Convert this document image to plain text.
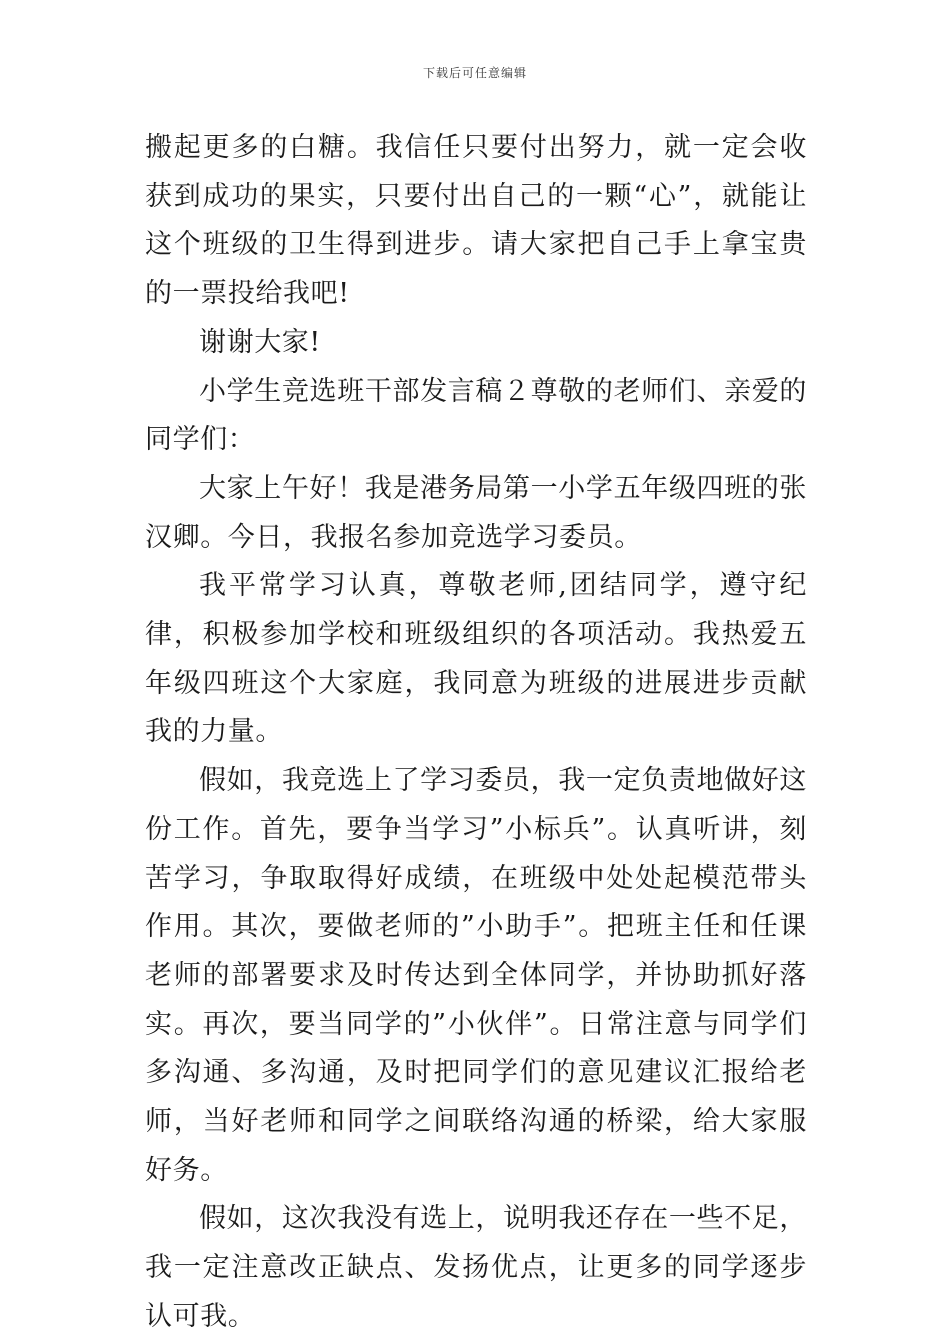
下载后可任意编辑

搬起更多的白糖。我信任只要付出努力，就一定会收获到成功的果实，只要付出自己的一颗“心”，就能让这个班级的卫生得到进步。请大家把自己手上拿宝贵的一票投给我吧!

谢谢大家!

小学生竞选班干部发言稿２尊敬的老师们、亲爱的同学们：

大家上午好！我是港务局第一小学五年级四班的张汉卿。今日，我报名参加竞选学习委员。

我平常学习认真，尊敬老师,团结同学，遵守纪律，积极参加学校和班级组织的各项活动。我热爱五年级四班这个大家庭，我同意为班级的进展进步贡献我的力量。

假如，我竞选上了学习委员，我一定负责地做好这份工作。首先，要争当学习”小标兵”。认真听讲，刻苦学习，争取取得好成绩，在班级中处处起模范带头作用。其次，要做老师的”小助手”。把班主任和任课老师的部署要求及时传达到全体同学，并协助抓好落实。再次，要当同学的”小伙伴”。日常注意与同学们多沟通、多沟通，及时把同学们的意见建议汇报给老师，当好老师和同学之间联络沟通的桥梁，给大家服好务。

假如，这次我没有选上，说明我还存在一些不足，我一定注意改正缺点、发扬优点，让更多的同学逐步认可我。
